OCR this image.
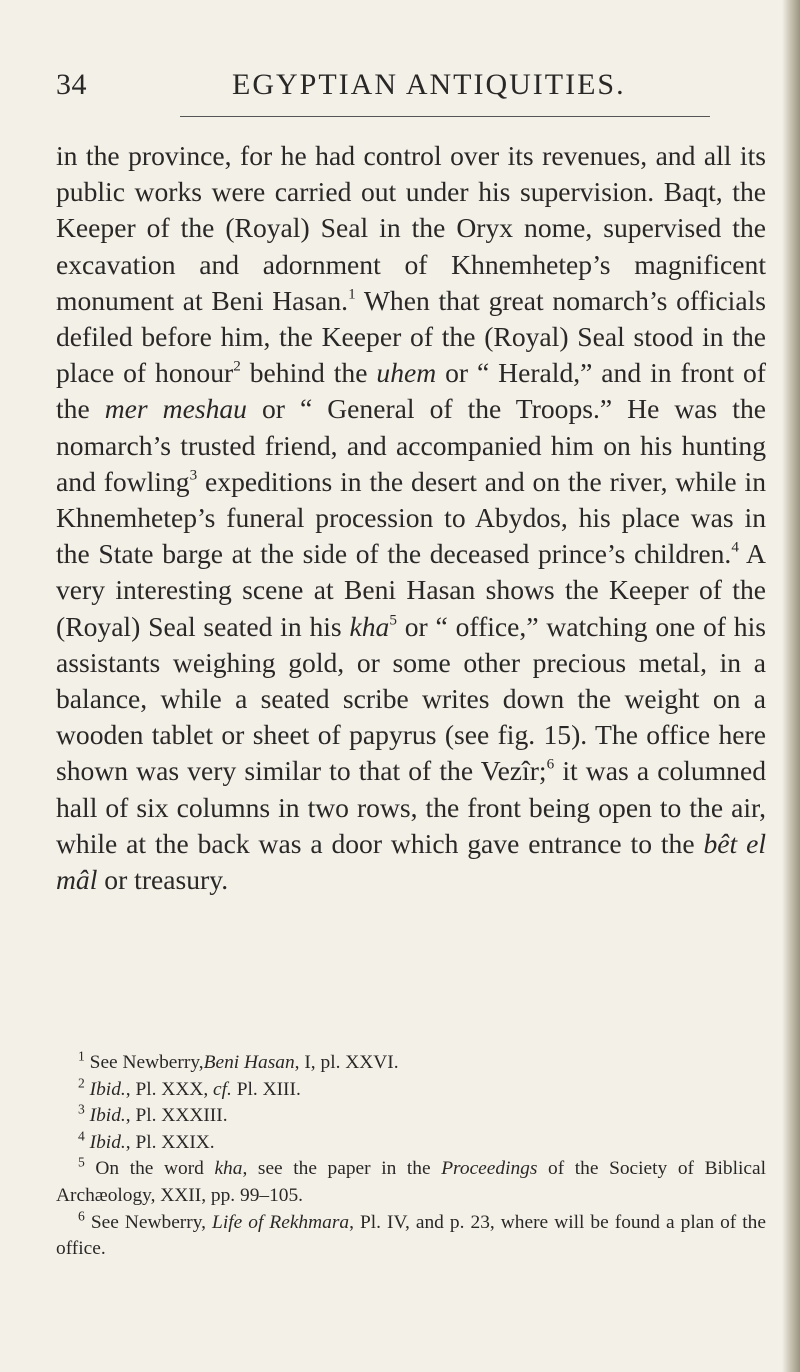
34	EGYPTIAN ANTIQUITIES.

in the province, for he had control over its revenues, and all its public works were carried out under his supervision. Baqt, the Keeper of the (Royal) Seal in the Oryx nome, supervised the excavation and adornment of Khnemhetep’s magnificent monument at Beni Hasan.$^1$ When that great nomarch’s officials defiled before him, the Keeper of the (Royal) Seal stood in the place of honour$^2$ behind the uhem or “ Herald,” and in front of the mer meshau or “ General of the Troops.” He was the nomarch’s trusted friend, and accompanied him on his hunting and fowling$^3$ expeditions in the desert and on the river, while in Khnemhetep’s funeral procession to Abydos, his place was in the State barge at the side of the deceased prince’s children.$^4$ A very interesting scene at Beni Hasan shows the Keeper of the (Royal) Seal seated in his kha$^5$ or “ office,” watching one of his assistants weighing gold, or some other precious metal, in a balance, while a seated scribe writes down the weight on a wooden tablet or sheet of papyrus (see fig. 15). The office here shown was very similar to that of the Vezîr;$^6$ it was a columned hall of six columns in two rows, the front being open to the air, while at the back was a door which gave entrance to the bêt el mâl or treasury.

$^1$ See Newberry,Beni Hasan, I, pl. XXVI.

$^2$ Ibid., Pl. XXX, cf. Pl. XIII.

$^3$ Ibid., Pl. XXXIII.

$^4$ Ibid., Pl. XXIX.

$^5$ On the word kha, see the paper in the Proceedings of the Society of Biblical Archæology, XXII, pp. 99–105.

$^6$ See Newberry, Life of Rekhmara, Pl. IV, and p. 23, where will be found a plan of the office.
